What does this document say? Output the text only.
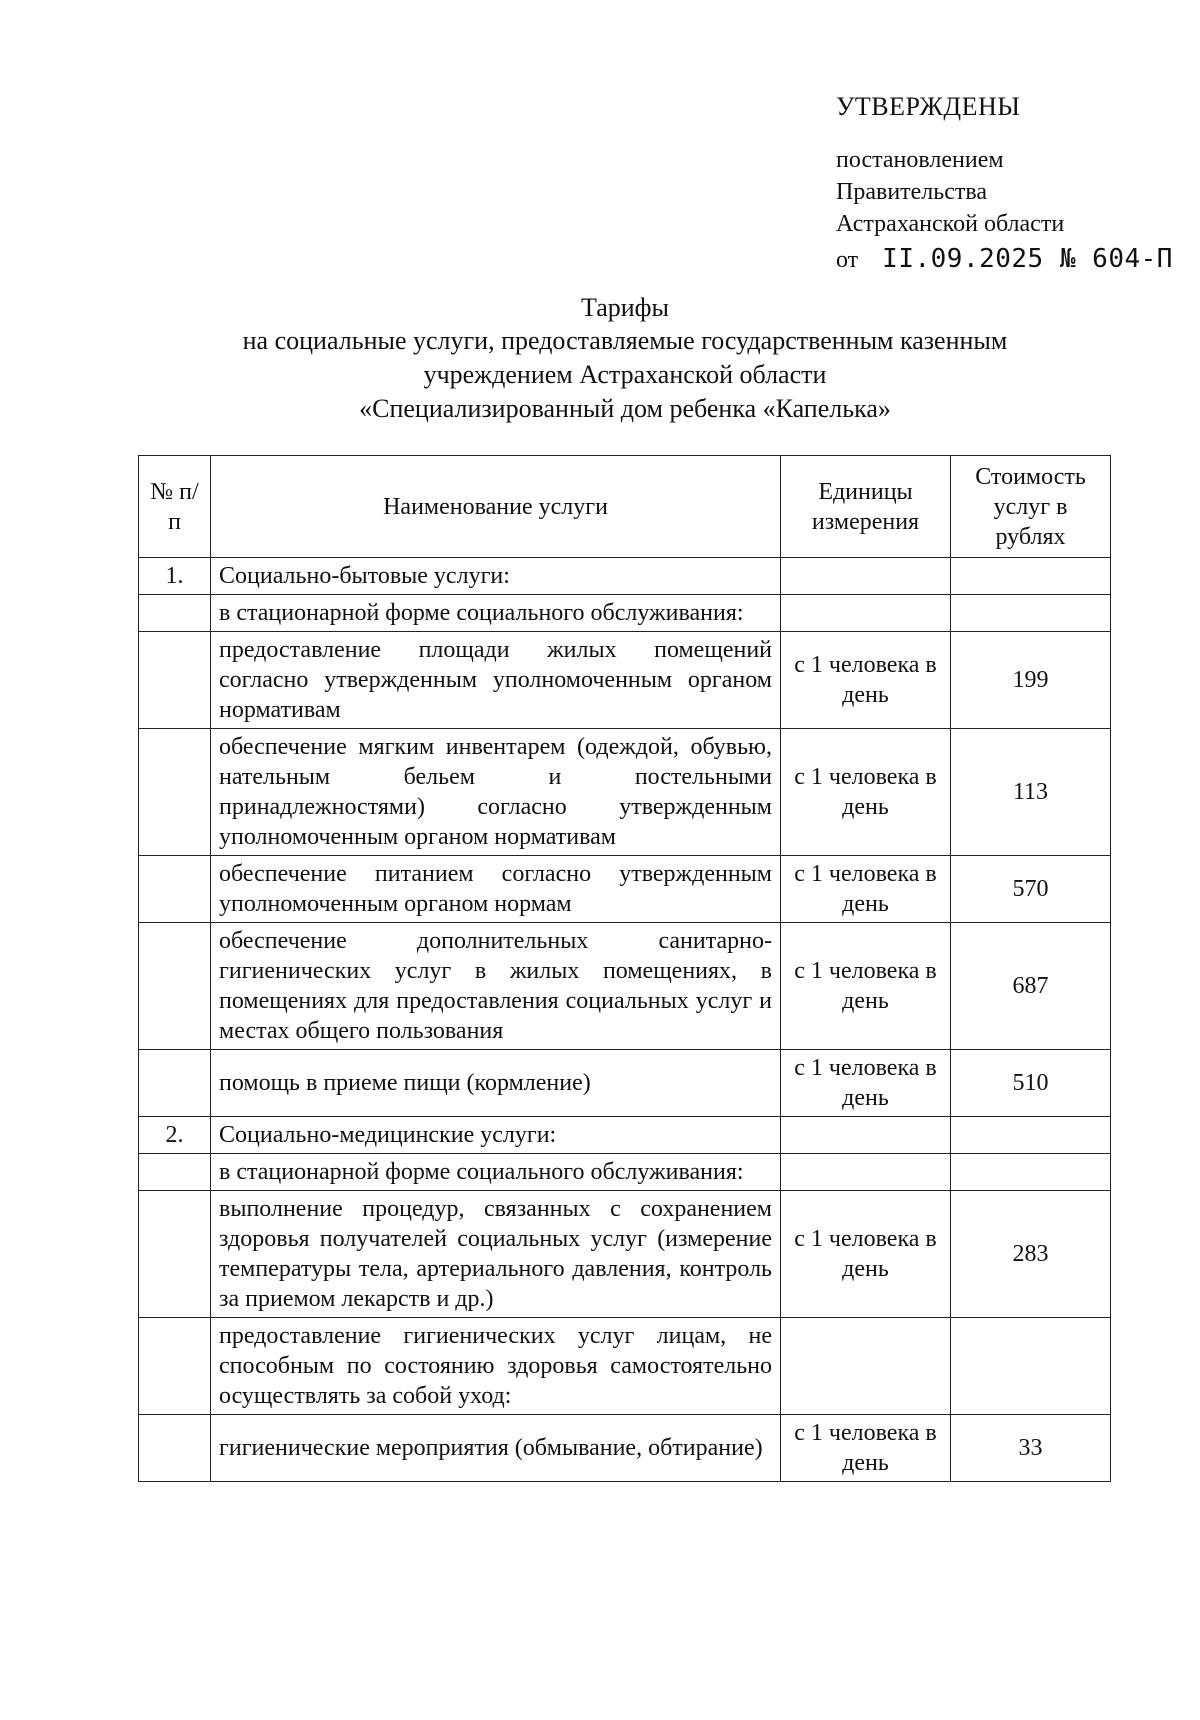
УТВЕРЖДЕНЫ
постановлением
Правительства
Астраханской области
от II.09.2025 № 604-П
Тарифы
на социальные услуги, предоставляемые государственным казенным
учреждением Астраханской области
«Специализированный дом ребенка «Капелька»
№ п/п	Наименование услуги	Единицы измерения	Стоимость услуг в рублях
1.	Социально-бытовые услуги:		
	в стационарной форме социального обслуживания:		
	предоставление площади жилых помещений согласно утвержденным уполномоченным органом нормативам	с 1 человека в день	199
	обеспечение мягким инвентарем (одеждой, обувью, нательным бельем и постельными принадлежностями) согласно утвержденным уполномоченным органом нормативам	с 1 человека в день	113
	обеспечение питанием согласно утвержденным уполномоченным органом нормам	с 1 человека в день	570
	обеспечение дополнительных санитарно-гигиенических услуг в жилых помещениях, в помещениях для предоставления социальных услуг и местах общего пользования	с 1 человека в день	687
	помощь в приеме пищи (кормление)	с 1 человека в день	510
2.	Социально-медицинские услуги:		
	в стационарной форме социального обслуживания:		
	выполнение процедур, связанных с сохранением здоровья получателей социальных услуг (измерение температуры тела, артериального давления, контроль за приемом лекарств и др.)	с 1 человека в день	283
	предоставление гигиенических услуг лицам, не способным по состоянию здоровья самостоятельно осуществлять за собой уход:		
	гигиенические мероприятия (обмывание, обтирание)	с 1 человека в день	33
